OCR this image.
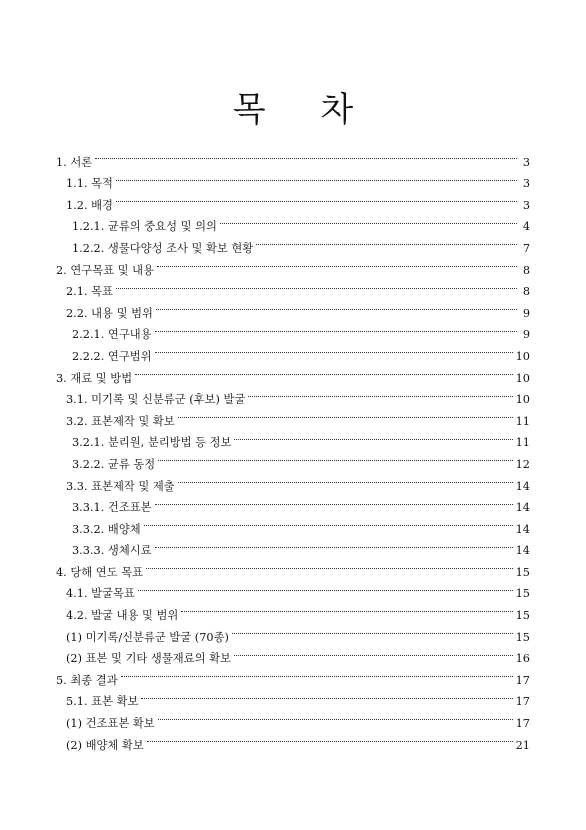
목 차
1. 서론	3
1.1. 목적	3
1.2. 배경	3
1.2.1. 균류의 중요성 및 의의	4
1.2.2. 생물다양성 조사 및 확보 현황	7
2. 연구목표 및 내용	8
2.1. 목표	8
2.2. 내용 및 범위	9
2.2.1. 연구내용	9
2.2.2. 연구범위	10
3. 재료 및 방법	10
3.1. 미기록 및 신분류군 (후보) 발굴	10
3.2. 표본제작 및 확보	11
3.2.1. 분리원, 분리방법 등 정보	11
3.2.2. 균류 동정	12
3.3. 표본제작 및 제출	14
3.3.1. 건조표본	14
3.3.2. 배양체	14
3.3.3. 생체시료	14
4. 당해 연도 목표	15
4.1. 발굴목표	15
4.2. 발굴 내용 및 범위	15
(1) 미기록/신분류군 발굴 (70종)	15
(2) 표본 및 기타 생물재료의 확보	16
5. 최종 결과	17
5.1. 표본 확보	17
(1) 건조표본 확보	17
(2) 배양체 확보	21
